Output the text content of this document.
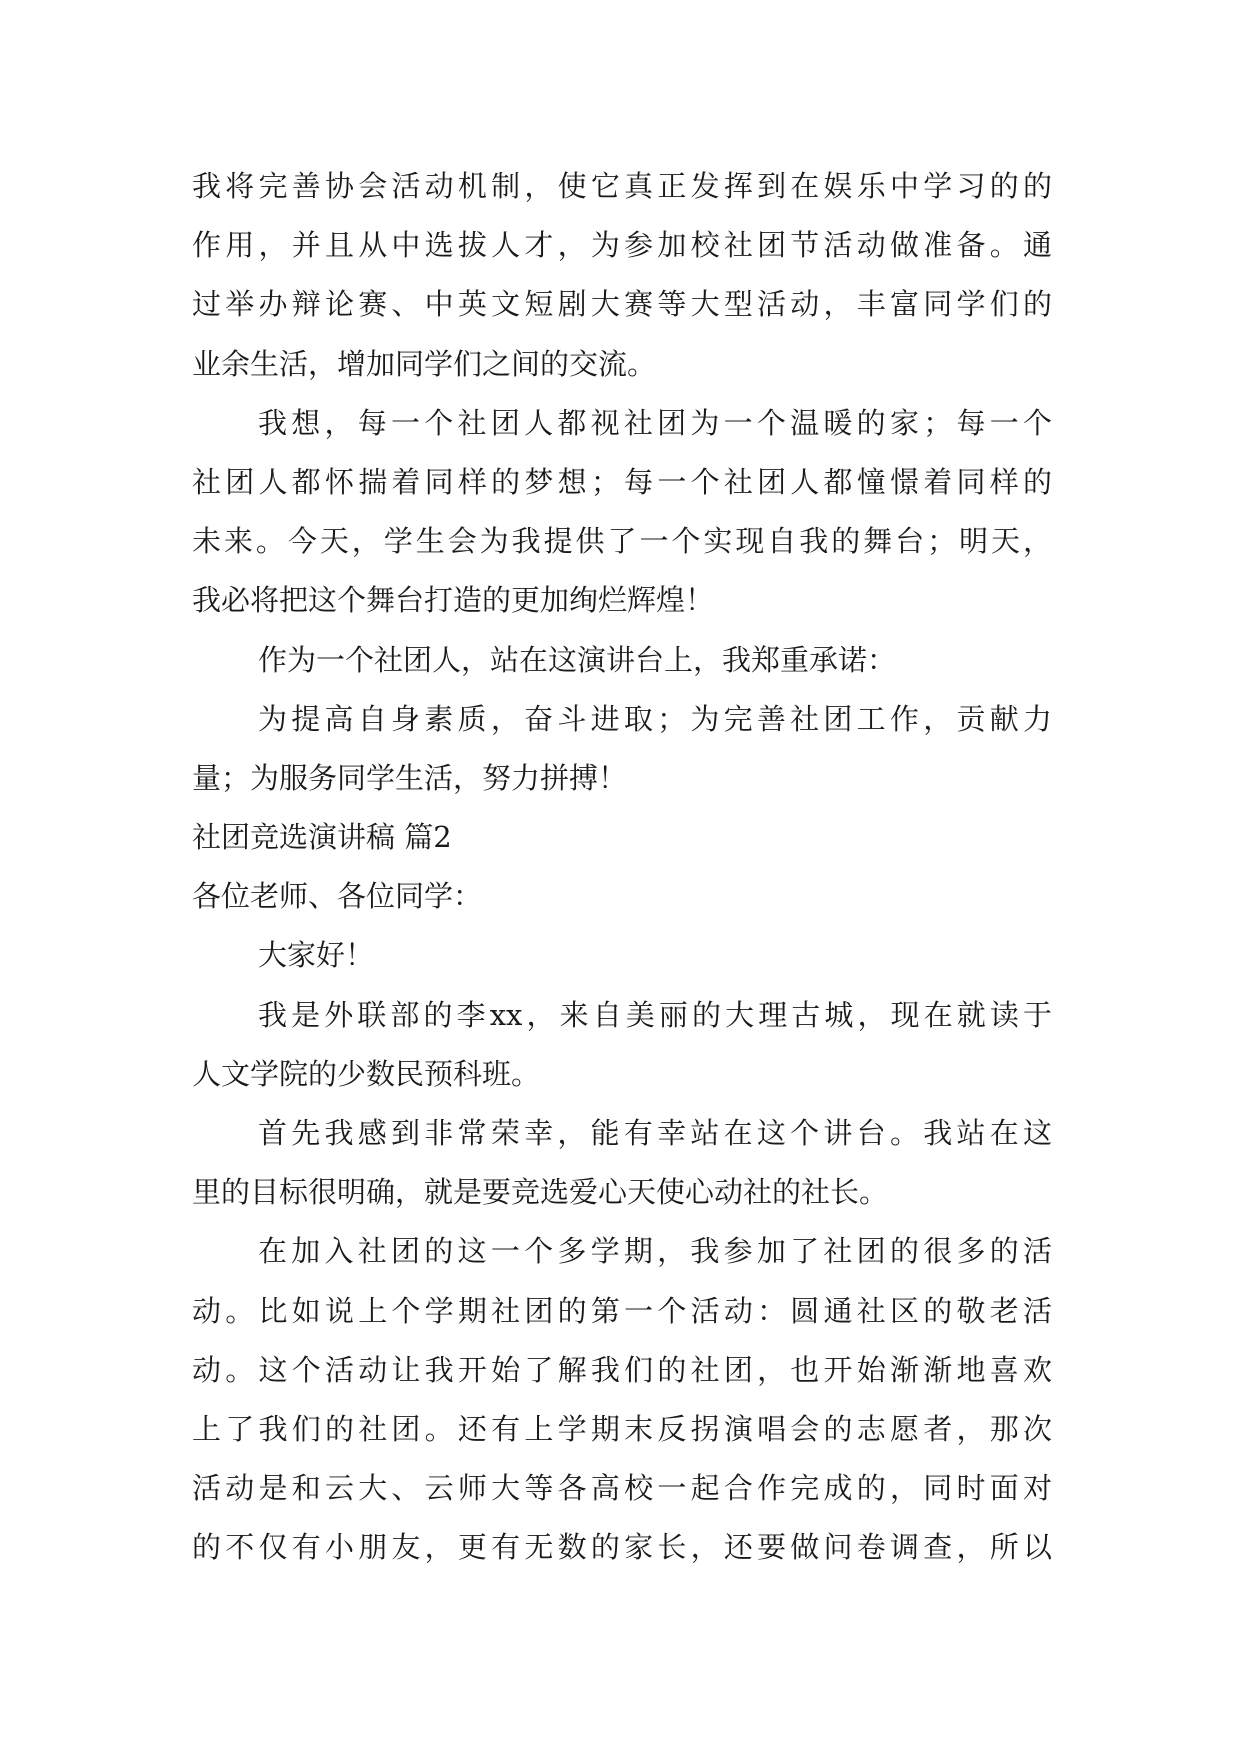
我将完善协会活动机制，使它真正发挥到在娱乐中学习的的
作用，并且从中选拔人才，为参加校社团节活动做准备。通
过举办辩论赛、中英文短剧大赛等大型活动，丰富同学们的
业余生活，增加同学们之间的交流。
我想，每一个社团人都视社团为一个温暖的家；每一个
社团人都怀揣着同样的梦想；每一个社团人都憧憬着同样的
未来。今天，学生会为我提供了一个实现自我的舞台；明天，
我必将把这个舞台打造的更加绚烂辉煌！
作为一个社团人，站在这演讲台上，我郑重承诺：
为提高自身素质，奋斗进取；为完善社团工作，贡献力
量；为服务同学生活，努力拼搏！
社团竞选演讲稿 篇2
各位老师、各位同学：
大家好！
我是外联部的李xx，来自美丽的大理古城，现在就读于
人文学院的少数民预科班。
首先我感到非常荣幸，能有幸站在这个讲台。我站在这
里的目标很明确，就是要竞选爱心天使心动社的社长。
在加入社团的这一个多学期，我参加了社团的很多的活
动。比如说上个学期社团的第一个活动：圆通社区的敬老活
动。这个活动让我开始了解我们的社团，也开始渐渐地喜欢
上了我们的社团。还有上学期末反拐演唱会的志愿者，那次
活动是和云大、云师大等各高校一起合作完成的，同时面对
的不仅有小朋友，更有无数的家长，还要做问卷调查，所以
